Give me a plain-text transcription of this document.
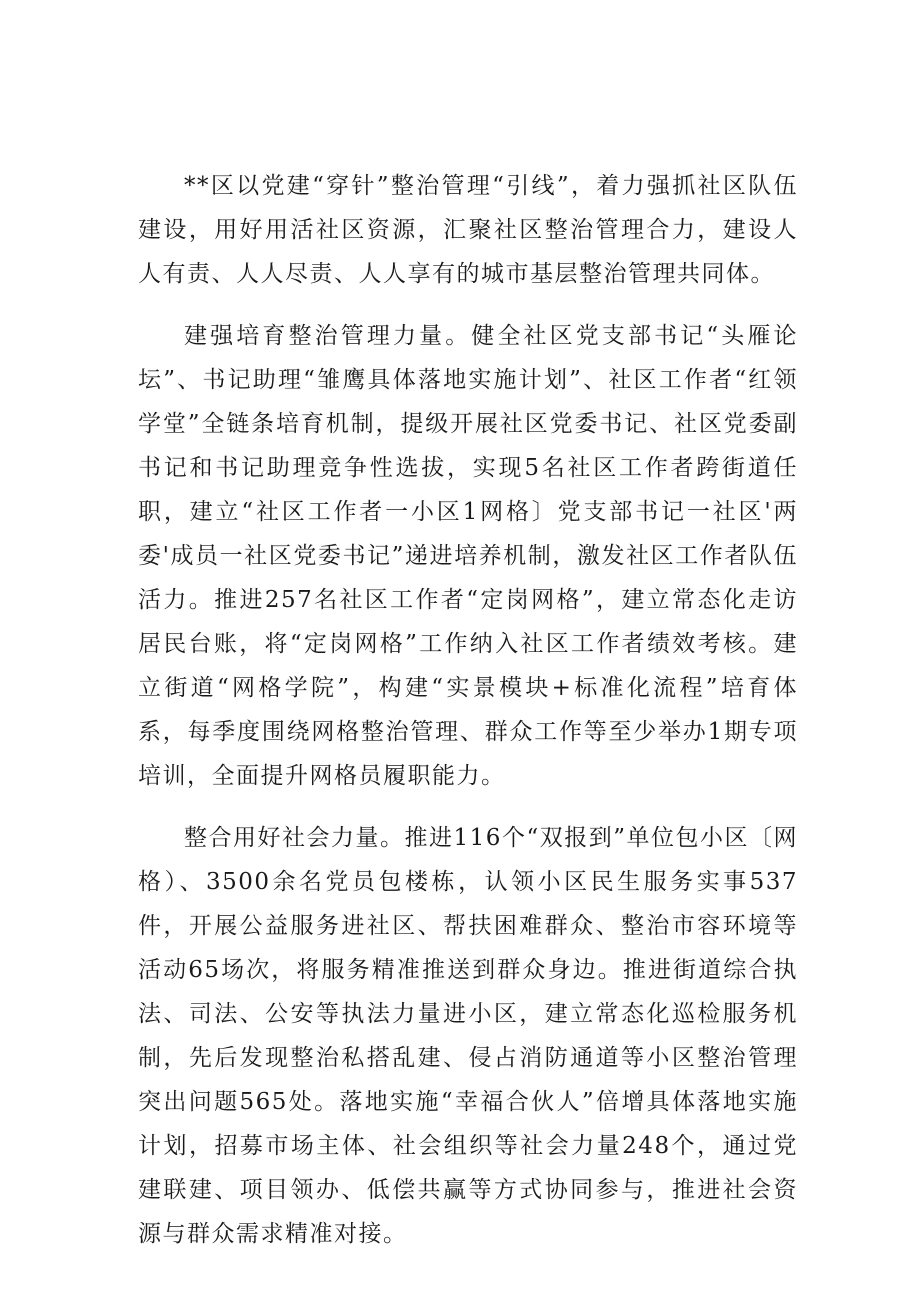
**区以党建“穿针”整治管理“引线”，着力强抓社区队伍建设，用好用活社区资源，汇聚社区整治管理合力，建设人人有责、人人尽责、人人享有的城市基层整治管理共同体。

建强培育整治管理力量。健全社区党支部书记“头雁论坛”、书记助理“雏鹰具体落地实施计划”、社区工作者“红领学堂”全链条培育机制，提级开展社区党委书记、社区党委副书记和书记助理竞争性选拔，实现5名社区工作者跨街道任职，建立“社区工作者一小区1网格〕党支部书记一社区'两委'成员一社区党委书记”递进培养机制，激发社区工作者队伍活力。推进257名社区工作者“定岗网格”，建立常态化走访居民台账，将“定岗网格”工作纳入社区工作者绩效考核。建立街道“网格学院”，构建“实景模块+标准化流程”培育体系，每季度围绕网格整治管理、群众工作等至少举办1期专项培训，全面提升网格员履职能力。

整合用好社会力量。推进116个“双报到”单位包小区〔网格）、3500余名党员包楼栋，认领小区民生服务实事537件，开展公益服务进社区、帮扶困难群众、整治市容环境等活动65场次，将服务精准推送到群众身边。推进街道综合执法、司法、公安等执法力量进小区，建立常态化巡检服务机制，先后发现整治私搭乱建、侵占消防通道等小区整治管理突出问题565处。落地实施“幸福合伙人”倍增具体落地实施计划，招募市场主体、社会组织等社会力量248个，通过党建联建、项目领办、低偿共赢等方式协同参与，推进社会资源与群众需求精准对接。
